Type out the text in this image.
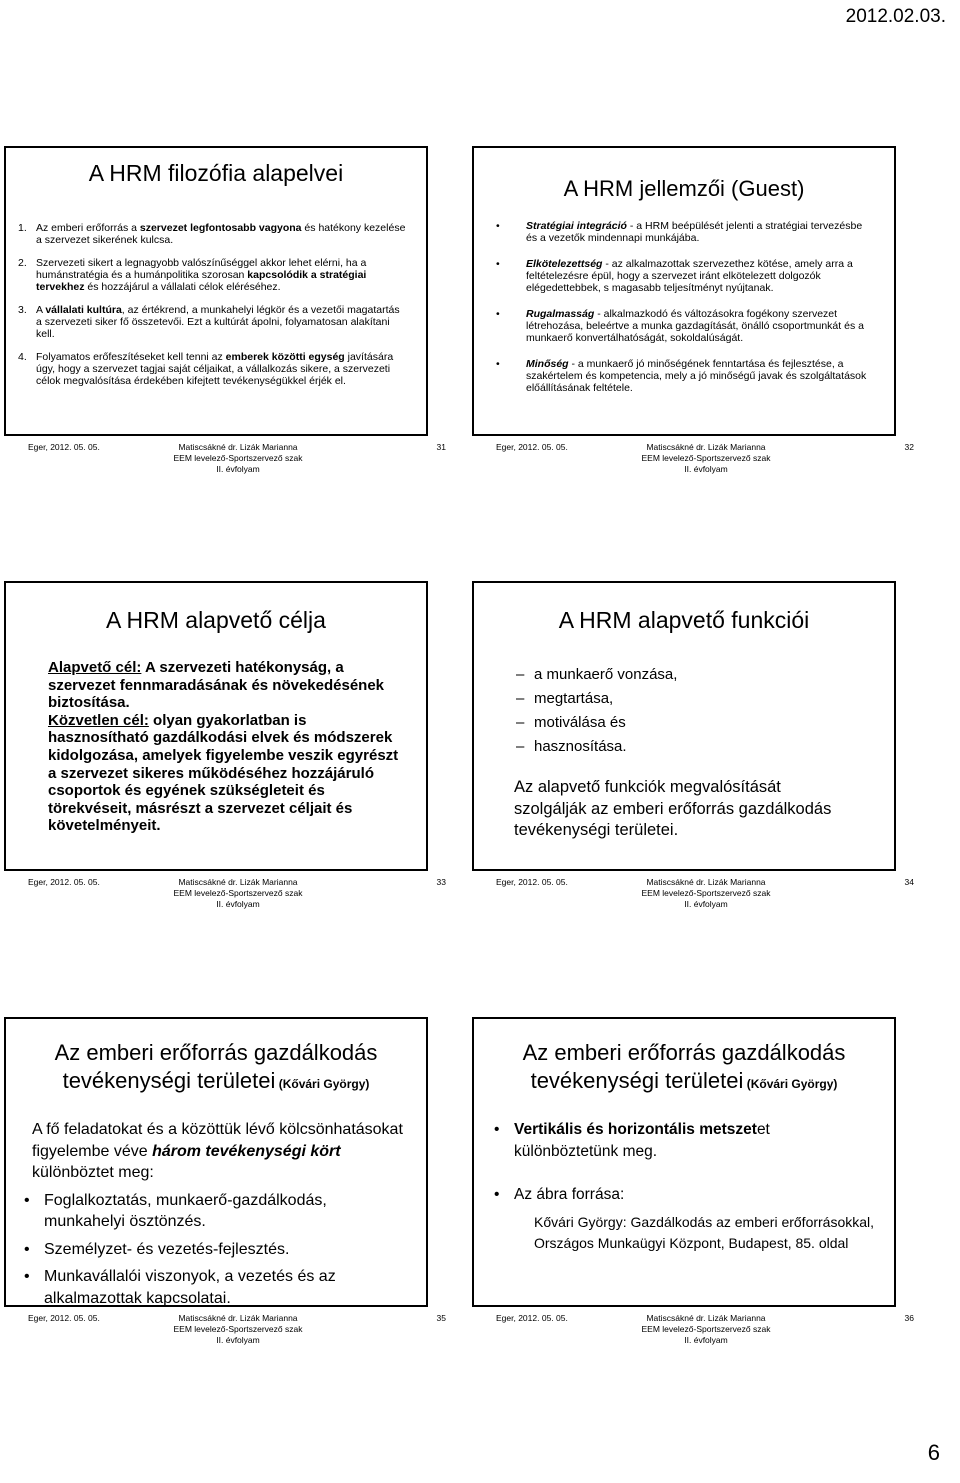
2012.02.03.
A HRM filozófia alapelvei
1. Az emberi erőforrás a szervezet legfontosabb vagyona és hatékony kezelése a szervezet sikerének kulcsa.
2. Szervezeti sikert a legnagyobb valószínűséggel akkor lehet elérni, ha a humánstratégia és a humánpolitika szorosan kapcsolódik a stratégiai tervekhez és hozzájárul a vállalati célok eléréséhez.
3. A vállalati kultúra, az értékrend, a munkahelyi légkör és a vezetői magatartás a szervezeti siker fő összetevői. Ezt a kultúrát ápolni, folyamatosan alakítani kell.
4. Folyamatos erőfeszítéseket kell tenni az emberek közötti egység javítására úgy, hogy a szervezet tagjai saját céljaikat, a vállalkozás sikere, a szervezeti célok megvalósítása érdekében kifejtett tevékenységükkel érjék el.
Eger, 2012. 05. 05.	Matiscsákné dr. Lizák Marianna
EEM levelező-Sportszervező szak
II. évfolyam
31
A HRM jellemzői (Guest)
•	Stratégiai integráció - a HRM beépülését jelenti a stratégiai tervezésbe és a vezetők mindennapi munkájába.
•	Elkötelezettség - az alkalmazottak szervezethez kötése, amely arra a feltételezésre épül, hogy a szervezet iránt elkötelezett dolgozók elégedettebbek, s magasabb teljesítményt nyújtanak.
•	Rugalmasság - alkalmazkodó és változásokra fogékony szervezet létrehozása, beleértve a munka gazdagítását, önálló csoportmunkát és a munkaerő konvertálhatóságát, sokoldalúságát.
•	Minőség - a munkaerő jó minőségének fenntartása és fejlesztése, a szakértelem és kompetencia, mely a jó minőségű javak és szolgáltatások előállításának feltétele.
Eger, 2012. 05. 05.	Matiscsákné dr. Lizák Marianna
EEM levelező-Sportszervező szak
II. évfolyam
32
A HRM alapvető célja
Alapvető cél: A szervezeti hatékonyság, a szervezet fennmaradásának és növekedésének biztosítása.
Közvetlen cél: olyan gyakorlatban is hasznosítható gazdálkodási elvek és módszerek kidolgozása, amelyek figyelembe veszik egyrészt a szervezet sikeres működéséhez hozzájáruló csoportok és egyének szükségleteit és törekvéseit, másrészt a szervezet céljait és követelményeit.
Eger, 2012. 05. 05.	Matiscsákné dr. Lizák Marianna
EEM levelező-Sportszervező szak
II. évfolyam
33
A HRM alapvető funkciói
– a munkaerő vonzása,
– megtartása,
– motiválása és
– hasznosítása.
Az alapvető funkciók megvalósítását szolgálják az emberi erőforrás gazdálkodás tevékenységi területei.
Eger, 2012. 05. 05.	Matiscsákné dr. Lizák Marianna
EEM levelező-Sportszervező szak
II. évfolyam
34
Az emberi erőforrás gazdálkodás
tevékenységi területei (Kővári György)
A fő feladatokat és a közöttük lévő kölcsönhatásokat figyelembe véve három tevékenységi kört különböztet meg:
• Foglalkoztatás, munkaerő-gazdálkodás, munkahelyi ösztönzés.
• Személyzet- és vezetés-fejlesztés.
• Munkavállalói viszonyok, a vezetés és az alkalmazottak kapcsolatai.
Eger, 2012. 05. 05.	Matiscsákné dr. Lizák Marianna
EEM levelező-Sportszervező szak
II. évfolyam
35
Az emberi erőforrás gazdálkodás
tevékenységi területei (Kővári György)
• Vertikális és horizontális metszetet különböztetünk meg.
• Az ábra forrása:
Kővári György: Gazdálkodás az emberi erőforrásokkal, Országos Munkaügyi Központ, Budapest, 85. oldal
Eger, 2012. 05. 05.	Matiscsákné dr. Lizák Marianna
EEM levelező-Sportszervező szak
II. évfolyam
36
6
